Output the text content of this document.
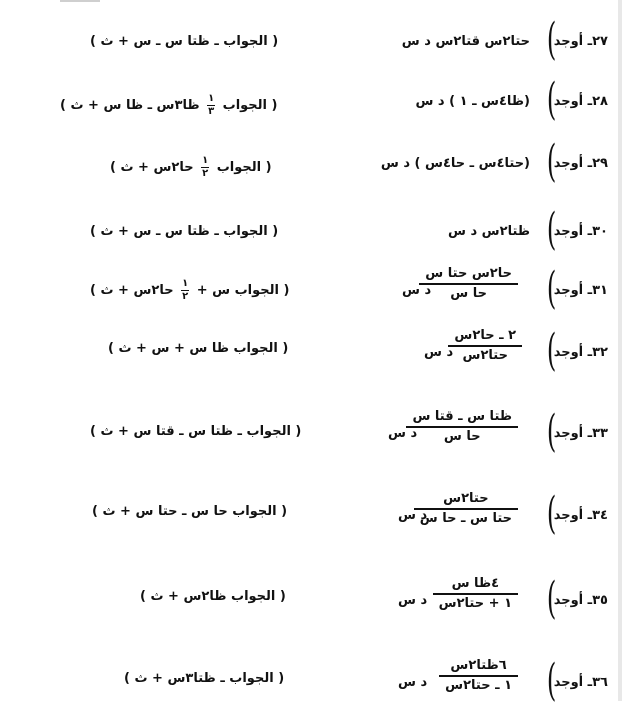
٢٧ـ أوجد
(
حتا٢س قتا٢س د س
( الجواب ـ ظتا س ـ س + ث )
٢٨ـ أوجد
(
(ظا٤س ـ ١ ) د س
( الجواب
١
٣
ظا٣س ـ ظا س + ث )
٢٩ـ أوجد
(
(حتا٤س ـ حا٤س ) د س
( الجواب
١
٢
حا٢س + ث )
٣٠ـ أوجد
(
ظتا٢س د س
( الجواب ـ ظتا س ـ س + ث )
٣١ـ أوجد
(
حا٢س حتا س
حا س
د س
( الجواب س +
١
٢
حا٢س + ث )
٣٢ـ أوجد
(
٢ ـ حا٢س
حتا٢س
د س
( الجواب ظا س + س + ث )
٣٣ـ أوجد
(
ظتا س ـ قتا س
حا س
د س
( الجواب ـ ظتا س ـ قتا س + ث )
٣٤ـ أوجد
(
حتا٢س
حتا س ـ حا س
د س
( الجواب حا س ـ حتا س + ث )
٣٥ـ أوجد
(
٤ظا س
١ + حتا٢س
د س
( الجواب ظا٢س + ث )
٣٦ـ أوجد
(
٦ظتا٢س
١ ـ حتا٢س
د س
( الجواب ـ ظتا٣س + ث )
